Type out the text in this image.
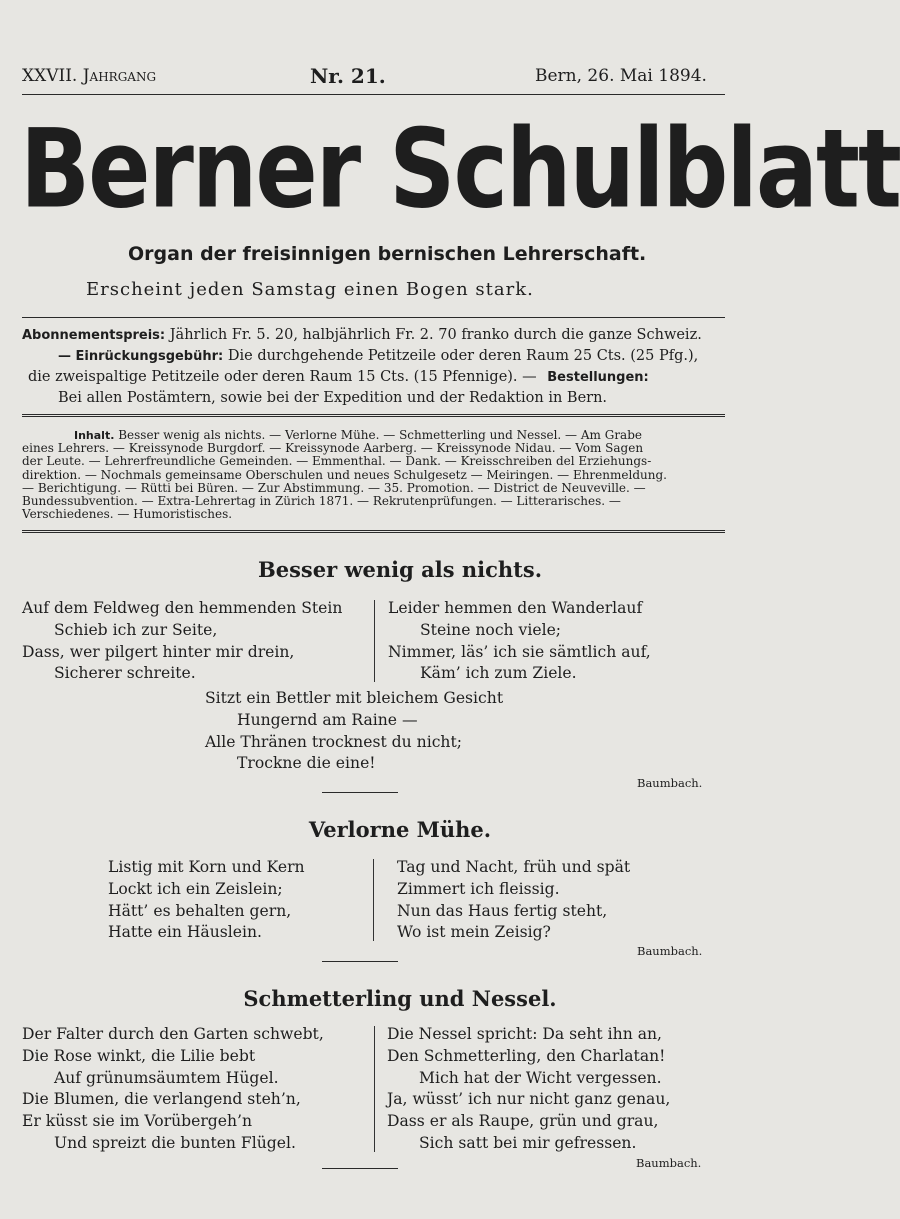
XXVII. Jahrgang	Nr. 21.	Bern, 26. Mai 1894.
Berner Schulblatt
Organ der freisinnigen bernischen Lehrerschaft.
Erscheint jeden Samstag einen Bogen stark.
Abonnementspreis: Jährlich Fr. 5. 20, halbjährlich Fr. 2. 70 franko durch die ganze Schweiz.
— Einrückungsgebühr: Die durchgehende Petitzeile oder deren Raum 25 Cts. (25 Pfg.),
die zweispaltige Petitzeile oder deren Raum 15 Cts. (15 Pfennige). — Bestellungen:
Bei allen Postämtern, sowie bei der Expedition und der Redaktion in Bern.
Inhalt. Besser wenig als nichts. — Verlorne Mühe. — Schmetterling und Nessel. — Am Grabe
eines Lehrers. — Kreissynode Burgdorf. — Kreissynode Aarberg. — Kreissynode Nidau. — Vom Sagen
der Leute. — Lehrerfreundliche Gemeinden. — Emmenthal. — Dank. — Kreisschreiben del Erziehungs-
direktion. — Nochmals gemeinsame Oberschulen und neues Schulgesetz — Meiringen. — Ehrenmeldung.
— Berichtigung. — Rütti bei Büren. — Zur Abstimmung. — 35. Promotion. — District de Neuveville. —
Bundessubvention. — Extra-Lehrertag in Zürich 1871. — Rekrutenprüfungen. — Litterarisches. —
Verschiedenes. — Humoristisches.
Besser wenig als nichts.
Auf dem Feldweg den hemmenden Stein
Schieb ich zur Seite,
Dass, wer pilgert hinter mir drein,
Sicherer schreite.
Leider hemmen den Wanderlauf
Steine noch viele;
Nimmer, läs’ ich sie sämtlich auf,
Käm’ ich zum Ziele.
Sitzt ein Bettler mit bleichem Gesicht
Hungernd am Raine —
Alle Thränen trocknest du nicht;
Trockne die eine!
Baumbach.
Verlorne Mühe.
Listig mit Korn und Kern
Lockt ich ein Zeislein;
Hätt’ es behalten gern,
Hatte ein Häuslein.
Tag und Nacht, früh und spät
Zimmert ich fleissig.
Nun das Haus fertig steht,
Wo ist mein Zeisig?
Baumbach.
Schmetterling und Nessel.
Der Falter durch den Garten schwebt,
Die Rose winkt, die Lilie bebt
Auf grünumsäumtem Hügel.
Die Blumen, die verlangend steh’n,
Er küsst sie im Vorübergeh’n
Und spreizt die bunten Flügel.
Die Nessel spricht: Da seht ihn an,
Den Schmetterling, den Charlatan!
Mich hat der Wicht vergessen.
Ja, wüsst’ ich nur nicht ganz genau,
Dass er als Raupe, grün und grau,
Sich satt bei mir gefressen.
Baumbach.
